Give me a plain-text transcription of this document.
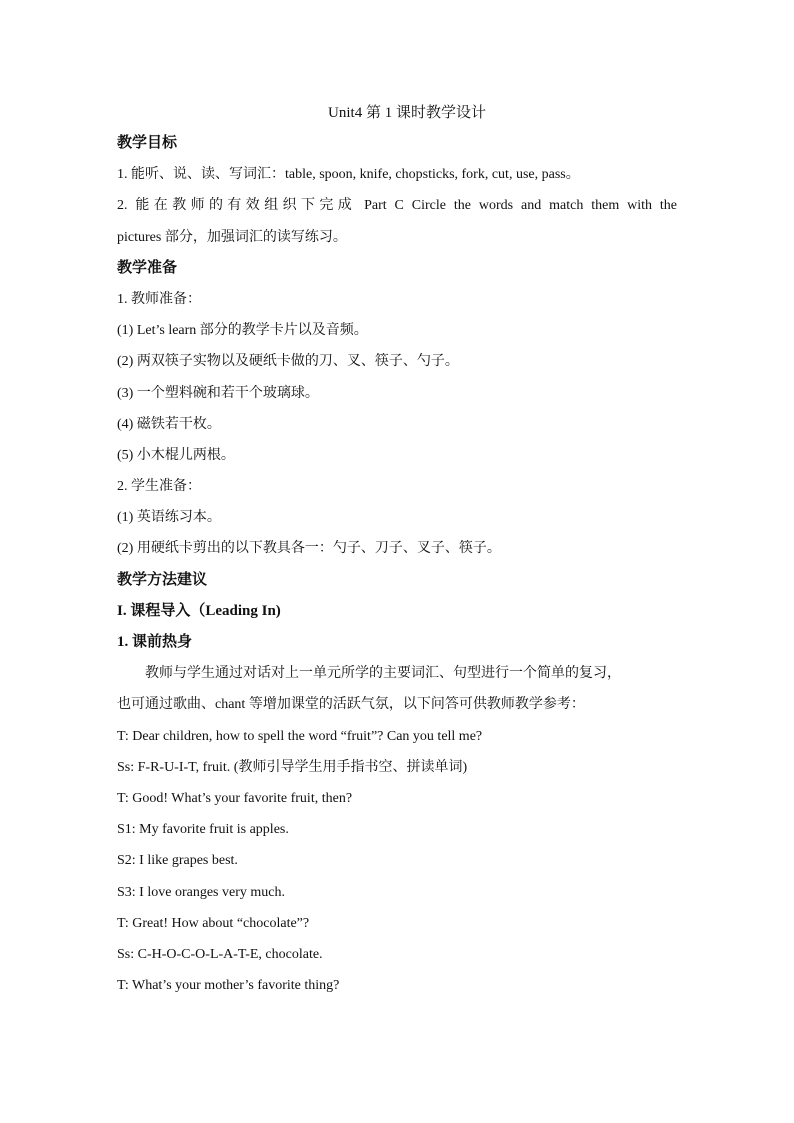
Unit4 第 1 课时教学设计
教学目标
1. 能听、说、读、写词汇：table, spoon, knife, chopsticks, fork, cut, use, pass。
2. 能在教师的有效组织下完成 Part C Circle the words and match them with the
pictures 部分，加强词汇的读写练习。
教学准备
1. 教师准备：
(1) Let’s learn 部分的教学卡片以及音频。
(2) 两双筷子实物以及硬纸卡做的刀、叉、筷子、勺子。
(3) 一个塑料碗和若干个玻璃球。
(4) 磁铁若干枚。
(5) 小木棍儿两根。
2. 学生准备：
(1) 英语练习本。
(2) 用硬纸卡剪出的以下教具各一：勺子、刀子、叉子、筷子。
教学方法建议
I. 课程导入（Leading In)
1. 课前热身
教师与学生通过对话对上一单元所学的主要词汇、句型进行一个简单的复习，
也可通过歌曲、chant 等增加课堂的活跃气氛，以下问答可供教师教学参考：
T: Dear children, how to spell the word “fruit”? Can you tell me?
Ss: F-R-U-I-T, fruit. (教师引导学生用手指书空、拼读单词)
T: Good! What’s your favorite fruit, then?
S1: My favorite fruit is apples.
S2: I like grapes best.
S3: I love oranges very much.
T: Great! How about “chocolate”?
Ss: C-H-O-C-O-L-A-T-E, chocolate.
T: What’s your mother’s favorite thing?
